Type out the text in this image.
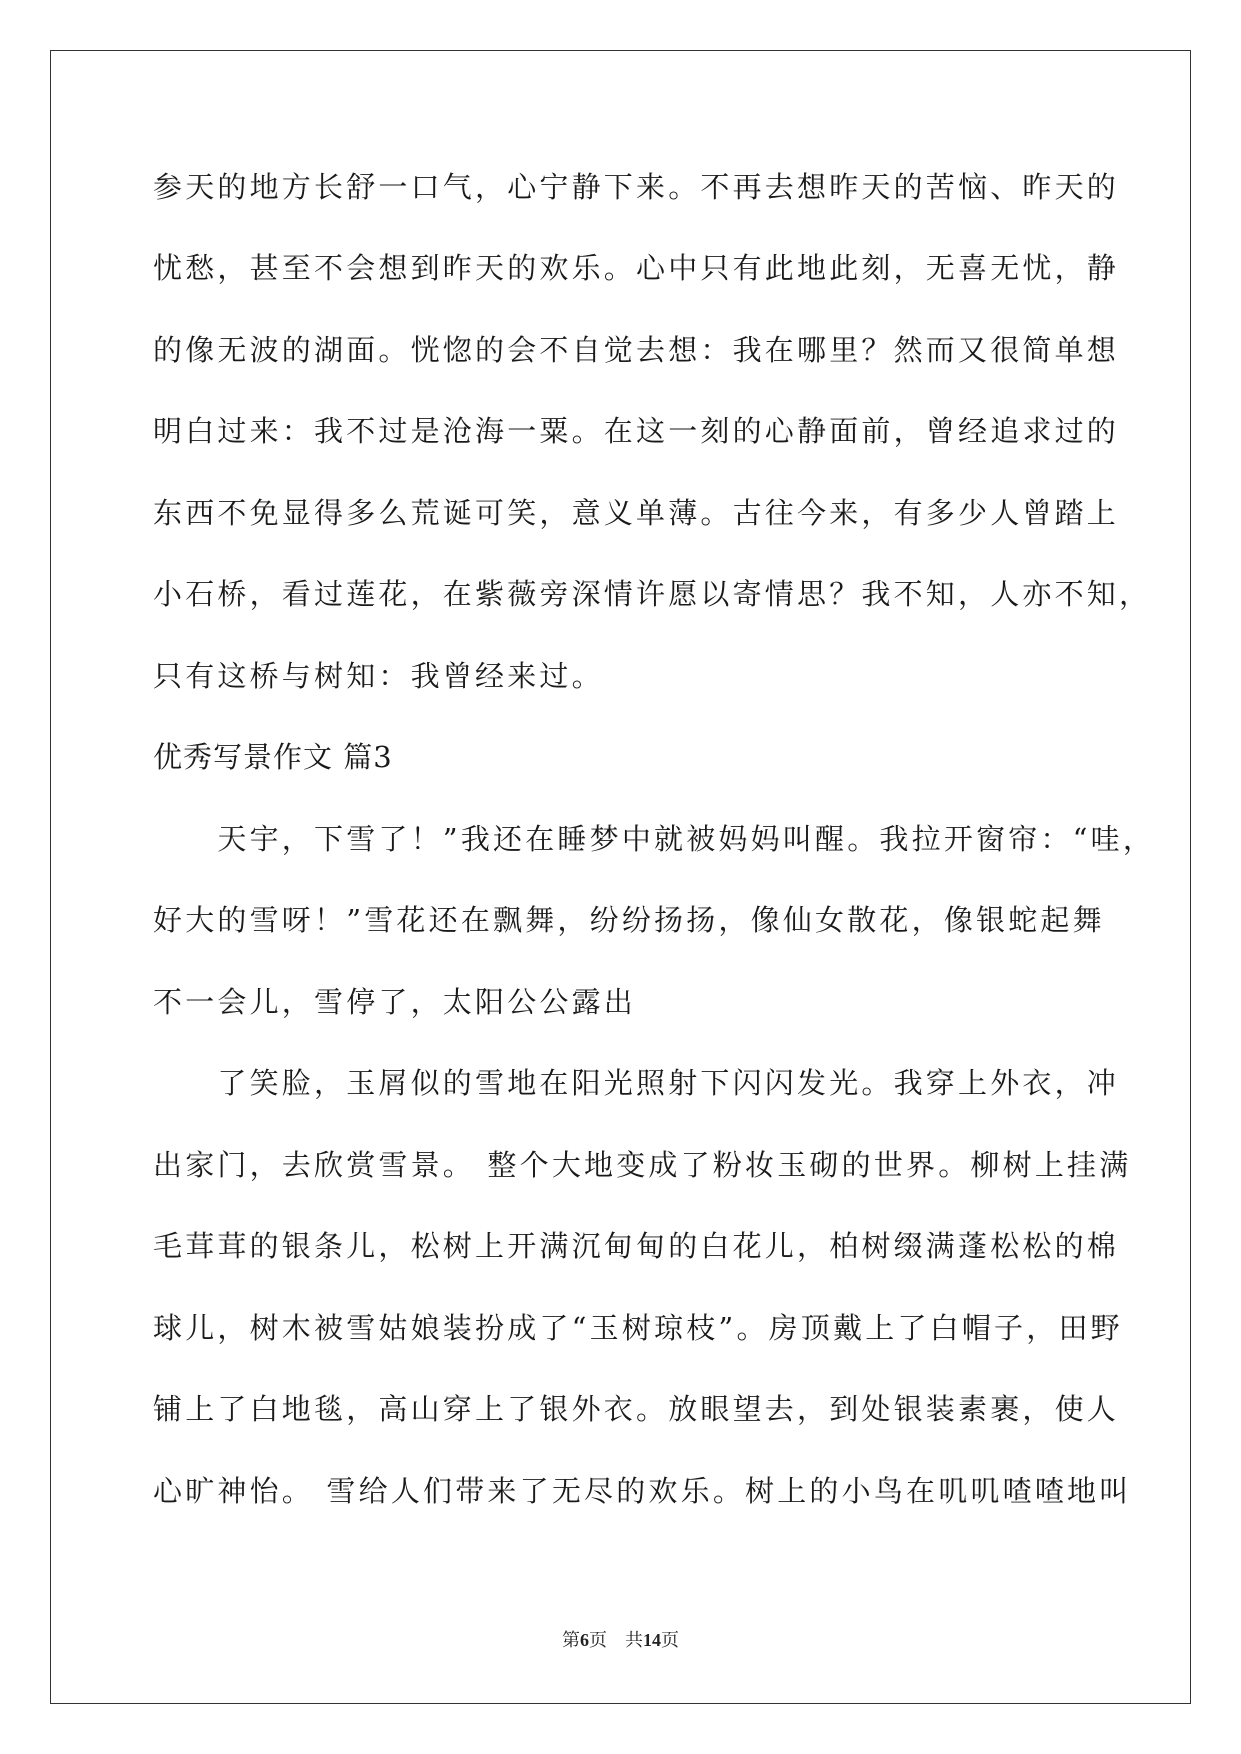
参天的地方长舒一口气，心宁静下来。不再去想昨天的苦恼、昨天的
忧愁，甚至不会想到昨天的欢乐。心中只有此地此刻，无喜无忧，静
的像无波的湖面。恍惚的会不自觉去想：我在哪里？然而又很简单想
明白过来：我不过是沧海一粟。在这一刻的心静面前，曾经追求过的
东西不免显得多么荒诞可笑，意义单薄。古往今来，有多少人曾踏上
小石桥，看过莲花，在紫薇旁深情许愿以寄情思？我不知，人亦不知，
只有这桥与树知：我曾经来过。
优秀写景作文 篇3
　　天宇，下雪了！”我还在睡梦中就被妈妈叫醒。我拉开窗帘：“哇，
好大的雪呀！”雪花还在飘舞，纷纷扬扬，像仙女散花，像银蛇起舞
不一会儿，雪停了，太阳公公露出
　　了笑脸，玉屑似的雪地在阳光照射下闪闪发光。我穿上外衣，冲
出家门，去欣赏雪景。 整个大地变成了粉妆玉砌的世界。柳树上挂满
毛茸茸的银条儿，松树上开满沉甸甸的白花儿，柏树缀满蓬松松的棉
球儿，树木被雪姑娘装扮成了“玉树琼枝”。房顶戴上了白帽子，田野
铺上了白地毯，高山穿上了银外衣。放眼望去，到处银装素裹，使人
心旷神怡。 雪给人们带来了无尽的欢乐。树上的小鸟在叽叽喳喳地叫
第6页 共14页
